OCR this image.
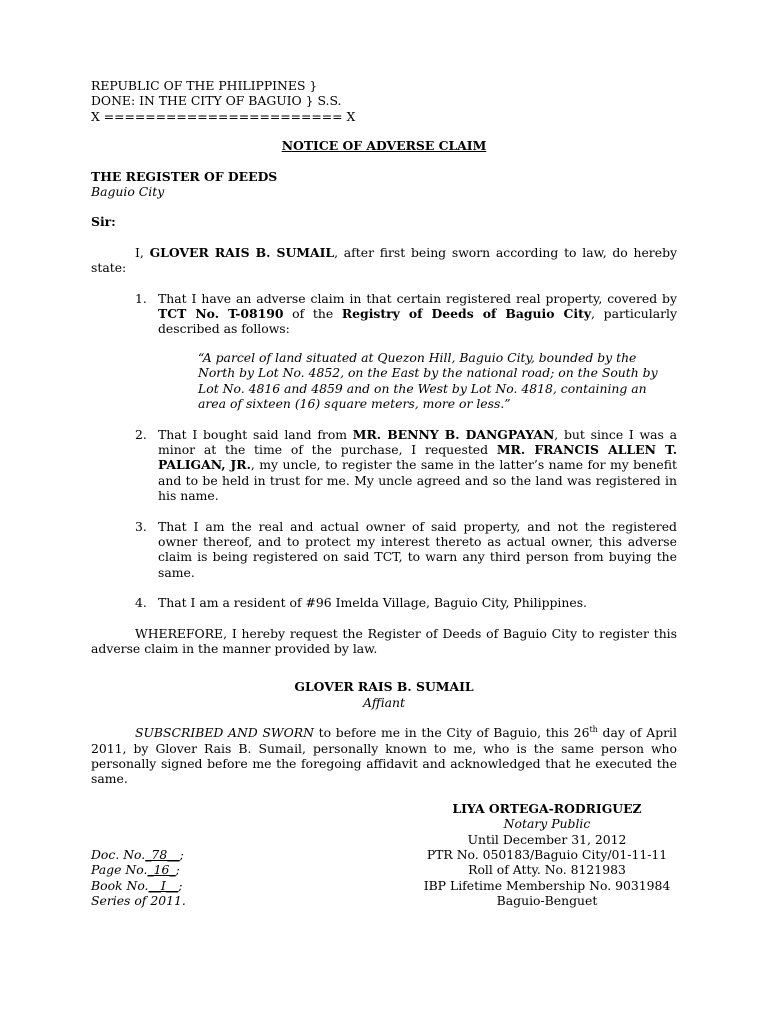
REPUBLIC OF THE PHILIPPINES }
DONE: IN THE CITY OF BAGUIO } S.S.
X ======================= X
NOTICE OF ADVERSE CLAIM
THE REGISTER OF DEEDS
Baguio City
Sir:
I, GLOVER RAIS B. SUMAIL, after first being sworn according to law, do hereby state:
1. That I have an adverse claim in that certain registered real property, covered by TCT No. T-08190 of the Registry of Deeds of Baguio City, particularly described as follows:
“A parcel of land situated at Quezon Hill, Baguio City, bounded by the North by Lot No. 4852, on the East by the national road; on the South by Lot No. 4816 and 4859 and on the West by Lot No. 4818, containing an area of sixteen (16) square meters, more or less.”
2. That I bought said land from MR. BENNY B. DANGPAYAN, but since I was a minor at the time of the purchase, I requested MR. FRANCIS ALLEN T. PALIGAN, JR., my uncle, to register the same in the latter’s name for my benefit and to be held in trust for me. My uncle agreed and so the land was registered in his name.
3. That I am the real and actual owner of said property, and not the registered owner thereof, and to protect my interest thereto as actual owner, this adverse claim is being registered on said TCT, to warn any third person from buying the same.
4. That I am a resident of #96 Imelda Village, Baguio City, Philippines.
WHEREFORE, I hereby request the Register of Deeds of Baguio City to register this adverse claim in the manner provided by law.
GLOVER RAIS B. SUMAIL
Affiant
SUBSCRIBED AND SWORN to before me in the City of Baguio, this 26th day of April 2011, by Glover Rais B. Sumail, personally known to me, who is the same person who personally signed before me the foregoing affidavit and acknowledged that he executed the same.
LIYA ORTEGA-RODRIGUEZ
Notary Public
Until December 31, 2012
Doc. No._78__;
Page No._16_;
Book No.__I__;
Series of 2011.
PTR No. 050183/Baguio City/01-11-11
Roll of Atty. No. 8121983
IBP Lifetime Membership No. 9031984
Baguio-Benguet
